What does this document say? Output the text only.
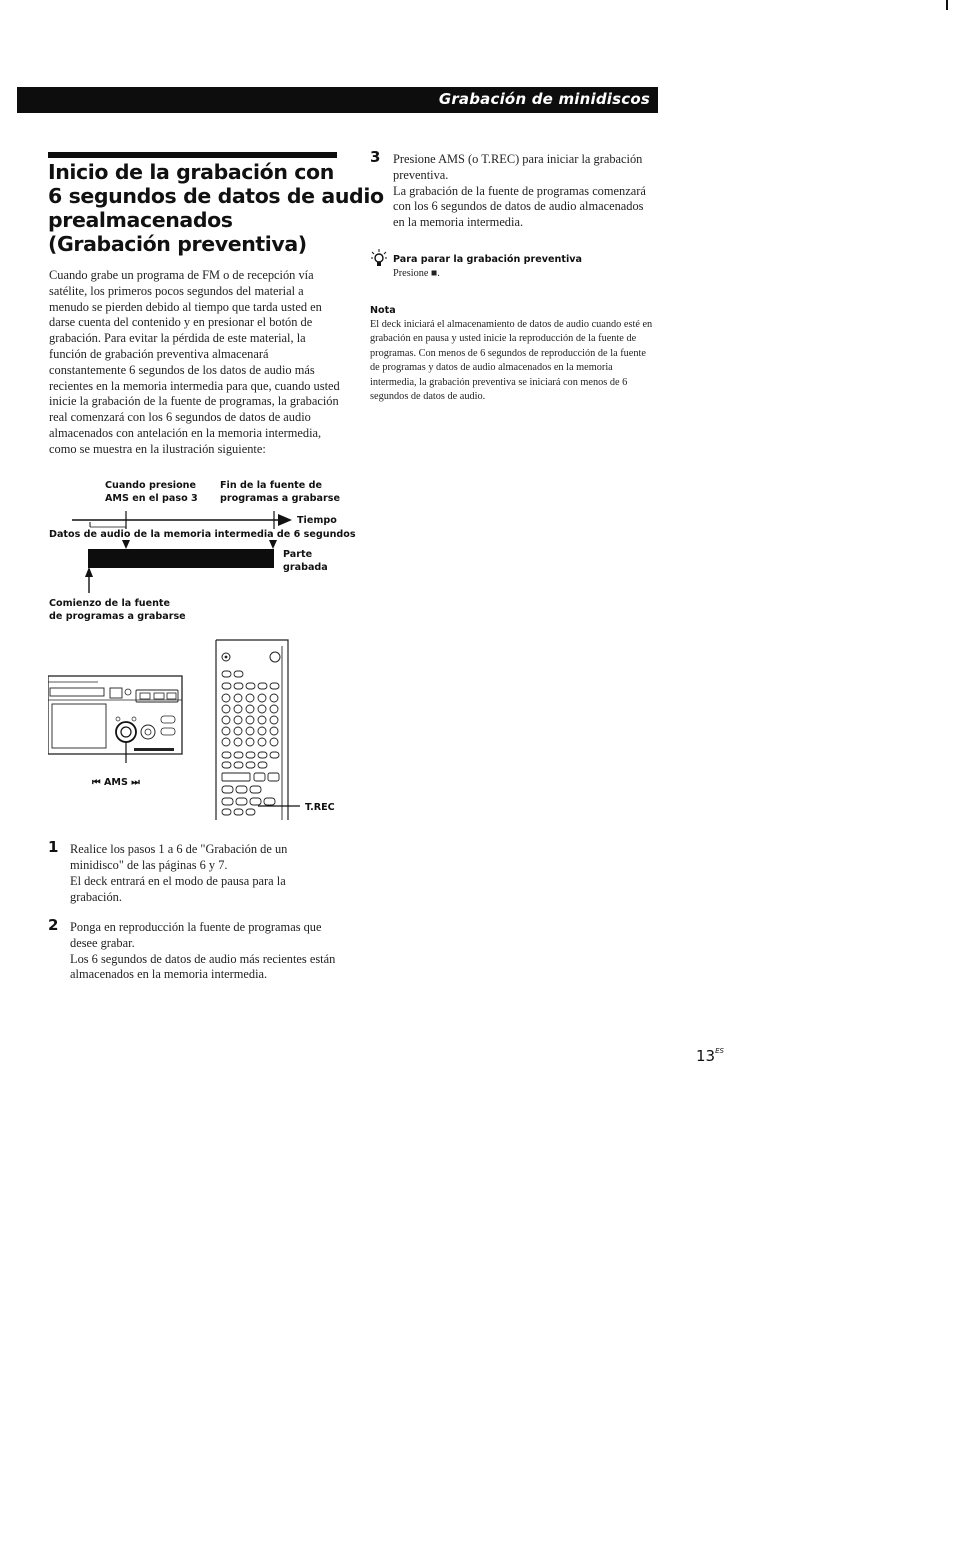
Grabación de minidiscos
Inicio de la grabación con
6 segundos de datos de audio
prealmacenados
(Grabación preventiva)

Cuando grabe un programa de FM o de recepción vía satélite, los primeros pocos segundos del material a menudo se pierden debido al tiempo que tarda usted en darse cuenta del contenido y en presionar el botón de grabación. Para evitar la pérdida de este material, la función de grabación preventiva almacenará constantemente 6 segundos de los datos de audio más recientes en la memoria intermedia para que, cuando usted inicie la grabación de la fuente de programas, la grabación real comenzará con los 6 segundos de datos de audio almacenados con antelación en la memoria intermedia, como se muestra en la ilustración siguiente:

Cuando presione
AMS en el paso 3
Fin de la fuente de
programas a grabarse
Tiempo
Datos de audio de la memoria intermedia de 6 segundos
Parte
grabada
Comienzo de la fuente
de programas a grabarse
⏮ AMS ⏭
T.REC
1 Realice los pasos 1 a 6 de "Grabación de un minidisco" de las páginas 6 y 7.

El deck entrará en el modo de pausa para la grabación.

2 Ponga en reproducción la fuente de programas que desee grabar.

Los 6 segundos de datos de audio más recientes están almacenados en la memoria intermedia.

3 Presione AMS (o T.REC) para iniciar la grabación preventiva.

La grabación de la fuente de programas comenzará con los 6 segundos de datos de audio almacenados en la memoria intermedia.

Para parar la grabación preventiva
Presione ■.
Nota

El deck iniciará el almacenamiento de datos de audio cuando esté en grabación en pausa y usted inicie la reproducción de la fuente de programas. Con menos de 6 segundos de reproducción de la fuente de programas y datos de audio almacenados en la memoria intermedia, la grabación preventiva se iniciará con menos de 6 segundos de datos de audio.

$13^{ES}$
